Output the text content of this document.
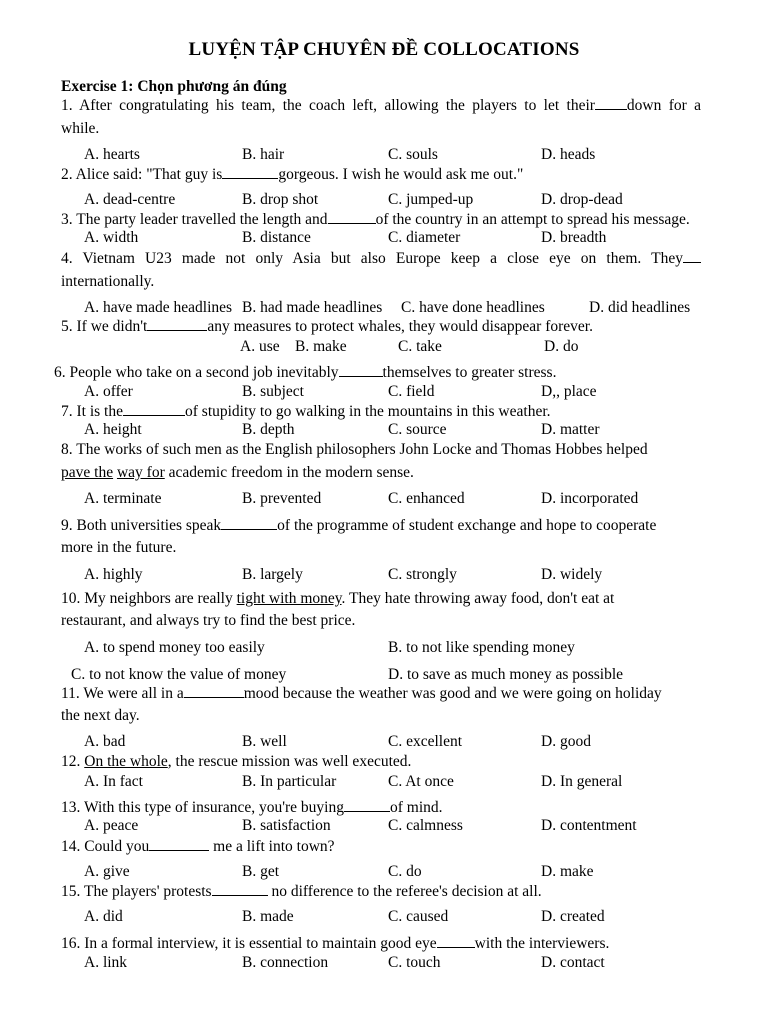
LUYỆN TẬP CHUYÊN ĐỀ COLLOCATIONS
Exercise 1: Chọn phương án đúng
1. After congratulating his team, the coach left, allowing the players to let their down for a
while.
A. hearts	B. hair	C. souls	D. heads
2. Alice said: "That guy is	gorgeous. I wish he would ask me out."
A. dead-centre	B. drop shot	C. jumped-up	D. drop-dead
3. The party leader travelled the length and	of the country in an attempt to spread his message.
A. width	B. distance	C. diameter	D. breadth
4. Vietnam U23 made not only Asia but also Europe keep a close eye on them. They
internationally.
A. have made headlines B. had made headlines C. have done headlines	D. did headlines
5. If we didn't	any measures to protect whales, they would disappear forever.
A. use B. make	C. take	D. do
6. People who take on a second job inevitably	themselves to greater stress.
A. offer	B. subject	C. field	D,, place
7. It is the	of stupidity to go walking in the mountains in this weather.
A. height	B. depth	C. source	D. matter
8. The works of such men as the English philosophers John Locke and Thomas Hobbes helped
pave the way for academic freedom in the modern sense.
A. terminate	B. prevented	C. enhanced	D. incorporated
9. Both universities speak	of the programme of student exchange and hope to cooperate
more in the future.
A. highly	B. largely	C. strongly	D. widely
10. My neighbors are really tight with money. They hate throwing away food, don't eat at
restaurant, and always try to find the best price.
A. to spend money too easily	B. to not like spending money
C. to not know the value of money	D. to save as much money as possible
11. We were all in a	mood because the weather was good and we were going on holiday
the next day.
A. bad	B. well	C. excellent	D. good
12. On the whole, the rescue mission was well executed.
A. In fact	B. In particular	C. At once	D. In general
13. With this type of insurance, you're buying	of mind.
A. peace	B. satisfaction	C. calmness	D. contentment
14. Could you	me a lift into town?
A. give	B. get	C. do	D. make
15. The players' protests	no difference to the referee's decision at all.
A. did	B. made	C. caused	D. created
16. In a formal interview, it is essential to maintain good eye with the interviewers.
A. link	B. connection	C. touch	D. contact
